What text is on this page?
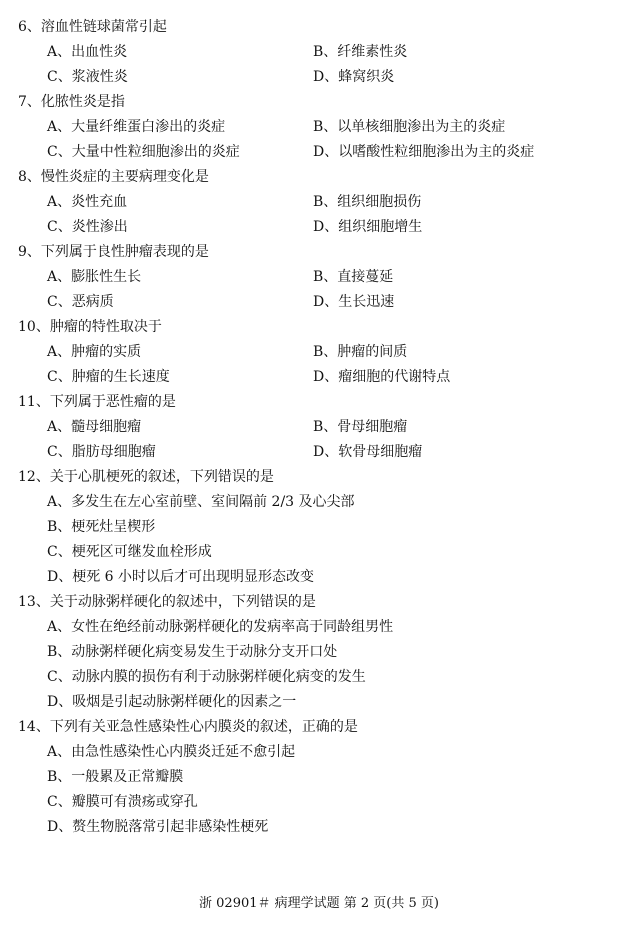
6、溶血性链球菌常引起
A、出血性炎	B、纤维素性炎
C、浆液性炎	D、蜂窝织炎
7、化脓性炎是指
A、大量纤维蛋白渗出的炎症	B、以单核细胞渗出为主的炎症
C、大量中性粒细胞渗出的炎症	D、以嗜酸性粒细胞渗出为主的炎症
8、慢性炎症的主要病理变化是
A、炎性充血	B、组织细胞损伤
C、炎性渗出	D、组织细胞增生
9、下列属于良性肿瘤表现的是
A、膨胀性生长	B、直接蔓延
C、恶病质	D、生长迅速
10、肿瘤的特性取决于
A、肿瘤的实质	B、肿瘤的间质
C、肿瘤的生长速度	D、瘤细胞的代谢特点
11、下列属于恶性瘤的是
A、髓母细胞瘤	B、骨母细胞瘤
C、脂肪母细胞瘤	D、软骨母细胞瘤
12、关于心肌梗死的叙述，下列错误的是
A、多发生在左心室前壁、室间隔前 2/3 及心尖部
B、梗死灶呈楔形
C、梗死区可继发血栓形成
D、梗死 6 小时以后才可出现明显形态改变
13、关于动脉粥样硬化的叙述中，下列错误的是
A、女性在绝经前动脉粥样硬化的发病率高于同龄组男性
B、动脉粥样硬化病变易发生于动脉分支开口处
C、动脉内膜的损伤有利于动脉粥样硬化病变的发生
D、吸烟是引起动脉粥样硬化的因素之一
14、下列有关亚急性感染性心内膜炎的叙述，正确的是
A、由急性感染性心内膜炎迁延不愈引起
B、一般累及正常瓣膜
C、瓣膜可有溃疡或穿孔
D、赘生物脱落常引起非感染性梗死
浙 02901＃ 病理学试题 第 2 页(共 5 页)
